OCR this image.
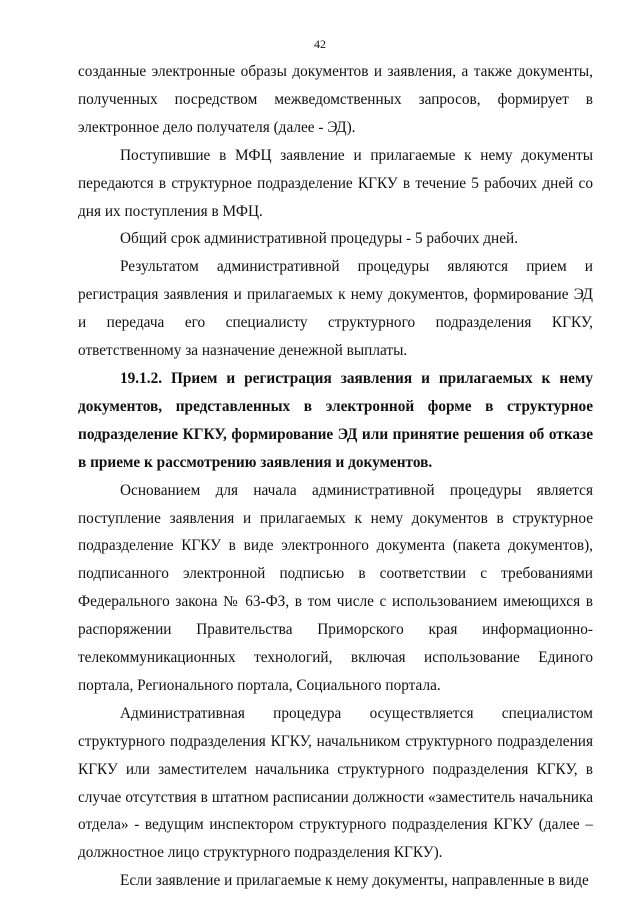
42

созданные электронные образы документов и заявления, а также документы, полученных посредством межведомственных запросов, формирует в электронное дело получателя (далее - ЭД).

Поступившие в МФЦ заявление и прилагаемые к нему документы передаются в структурное подразделение КГКУ в течение 5 рабочих дней со дня их поступления в МФЦ.

Общий срок административной процедуры - 5 рабочих дней.

Результатом административной процедуры являются прием и регистрация заявления и прилагаемых к нему документов, формирование ЭД и передача его специалисту структурного подразделения КГКУ, ответственному за назначение денежной выплаты.

19.1.2. Прием и регистрация заявления и прилагаемых к нему документов, представленных в электронной форме в структурное подразделение КГКУ, формирование ЭД или принятие решения об отказе в приеме к рассмотрению заявления и документов.

Основанием для начала административной процедуры является поступление заявления и прилагаемых к нему документов в структурное подразделение КГКУ в виде электронного документа (пакета документов), подписанного электронной подписью в соответствии с требованиями Федерального закона № 63-ФЗ, в том числе с использованием имеющихся в распоряжении Правительства Приморского края информационно-телекоммуникационных технологий, включая использование Единого портала, Регионального портала, Социального портала.

Административная процедура осуществляется специалистом структурного подразделения КГКУ, начальником структурного подразделения КГКУ или заместителем начальника структурного подразделения КГКУ, в случае отсутствия в штатном расписании должности «заместитель начальника отдела» - ведущим инспектором структурного подразделения КГКУ (далее – должностное лицо структурного подразделения КГКУ).

Если заявление и прилагаемые к нему документы, направленные в виде
